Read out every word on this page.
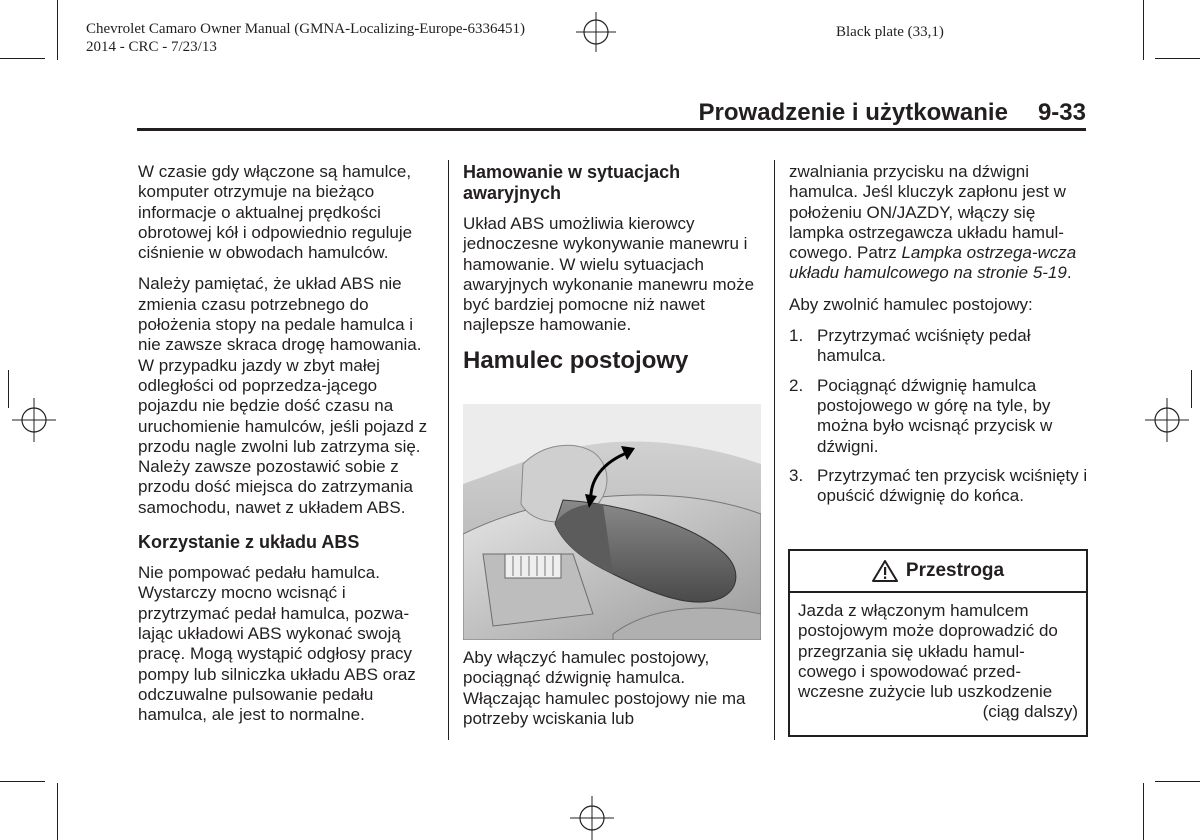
Chevrolet Camaro Owner Manual (GMNA-Localizing-Europe-6336451)
2014 - CRC - 7/23/13
Black plate (33,1)
Prowadzenie i użytkowanie 9-33

W czasie gdy włączone są hamulce, komputer otrzymuje na bieżąco informacje o aktualnej prędkości obrotowej kół i odpowiednio reguluje ciśnienie w obwodach hamulców.

Należy pamiętać, że układ ABS nie zmienia czasu potrzebnego do położenia stopy na pedale hamulca i nie zawsze skraca drogę hamowania. W przypadku jazdy w zbyt małej odległości od poprzedza-jącego pojazdu nie będzie dość czasu na uruchomienie hamulców, jeśli pojazd z przodu nagle zwolni lub zatrzyma się. Należy zawsze pozostawić sobie z przodu dość miejsca do zatrzymania samochodu, nawet z układem ABS.

Korzystanie z układu ABS

Nie pompować pedału hamulca. Wystarczy mocno wcisnąć i przytrzymać pedał hamulca, pozwa-lając układowi ABS wykonać swoją pracę. Mogą wystąpić odgłosy pracy pompy lub silniczka układu ABS oraz odczuwalne pulsowanie pedału hamulca, ale jest to normalne.

Hamowanie w sytuacjach awaryjnych

Układ ABS umożliwia kierowcy jednoczesne wykonywanie manewru i hamowanie. W wielu sytuacjach awaryjnych wykonanie manewru może być bardziej pomocne niż nawet najlepsze hamowanie.

Hamulec postojowy

Aby włączyć hamulec postojowy, pociągnąć dźwignię hamulca. Włączając hamulec postojowy nie ma potrzeby wciskania lub

zwalniania przycisku na dźwigni hamulca. Jeśl kluczyk zapłonu jest w położeniu ON/JAZDY, włączy się lampka ostrzegawcza układu hamul-cowego. Patrz Lampka ostrzega-wcza układu hamulcowego na stronie 5-19.

Aby zwolnić hamulec postojowy:

1. Przytrzymać wciśnięty pedał hamulca.
2. Pociągnąć dźwignię hamulca postojowego w górę na tyle, by można było wcisnąć przycisk w dźwigni.
3. Przytrzymać ten przycisk wciśnięty i opuścić dźwignię do końca.
Przestroga
Jazda z włączonym hamulcem postojowym może doprowadzić do przegrzania się układu hamul-cowego i spowodować przed-wczesne zużycie lub uszkodzenie
(ciąg dalszy)
